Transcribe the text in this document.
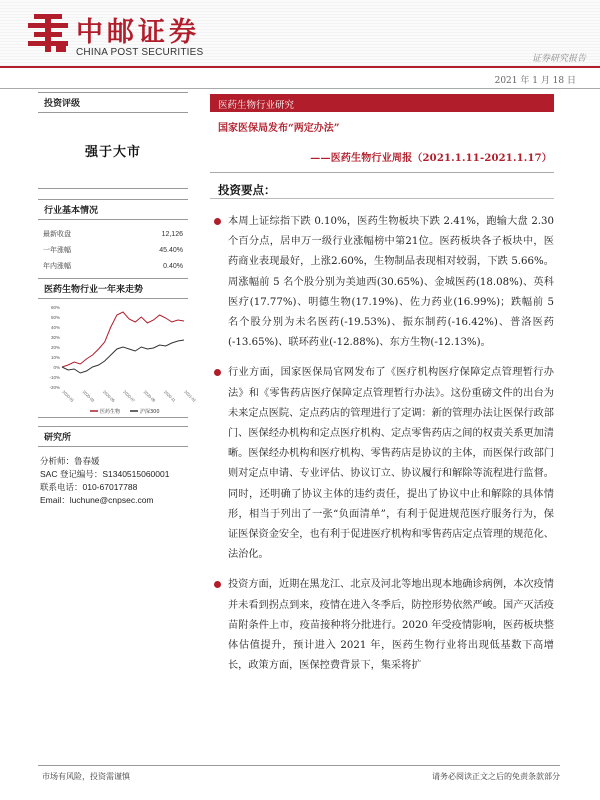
中邮证券
CHINA POST SECURITIES
证券研究报告
2021 年 1 月 18 日
投资评级
强于大市
行业基本情况
最新收盘	12,126
一年涨幅	45.40%
年内涨幅	0.40%
医药生物行业一年来走势
60%
50%
40%
30%
20%
10%
0%
-10%
-20%
2020-01 2020-03 2020-05 2020-07 2020-09 2020-11 2021-01
医药生物	沪深300
研究所
分析师：鲁春媛
SAC 登记编号：S1340515060001
联系电话：010-67017788
Email：luchune@cnpsec.com
医药生物行业研究
国家医保局发布“两定办法”
——医药生物行业周报（2021.1.11-2021.1.17）
投资要点：
本周上证综指下跌 0.10%，医药生物板块下跌 2.41%，跑输大盘 2.30 个百分点，居申万一级行业涨幅榜中第21位。医药板块各子板块中，医药商业表现最好，上涨2.60%，生物制品表现相对较弱，下跌 5.66%。周涨幅前 5 名个股分别为美迪西(30.65%)、金城医药(18.08%)、英科医疗(17.77%)、明德生物(17.19%)、佐力药业(16.99%)；跌幅前 5 名个股分别为未名医药(-19.53%)、振东制药(-16.42%)、普洛医药(-13.65%)、联环药业(-12.88%)、东方生物(-12.13%)。
行业方面，国家医保局官网发布了《医疗机构医疗保障定点管理暂行办法》和《零售药店医疗保障定点管理暂行办法》。这份重磅文件的出台为未来定点医院、定点药店的管理进行了定调：新的管理办法让医保行政部门、医保经办机构和定点医疗机构、定点零售药店之间的权责关系更加清晰。医保经办机构和医疗机构、零售药店是协议的主体，而医保行政部门则对定点申请、专业评估、协议订立、协议履行和解除等流程进行监督。同时，还明确了协议主体的违约责任，提出了协议中止和解除的具体情形，相当于列出了一张“负面清单”，有利于促进规范医疗服务行为，保证医保资金安全，也有利于促进医疗机构和零售药店定点管理的规范化、法治化。
投资方面，近期在黑龙江、北京及河北等地出现本地确诊病例，本次疫情并未看到拐点到来，疫情在进入冬季后，防控形势依然严峻。国产灭活疫苗附条件上市，疫苗接种将分批进行。2020 年受疫情影响，医药板块整体估值提升，预计进入 2021 年，医药生物行业将出现低基数下高增长，政策方面，医保控费背景下，集采将扩
市场有风险，投资需谨慎	请务必阅读正文之后的免责条款部分
